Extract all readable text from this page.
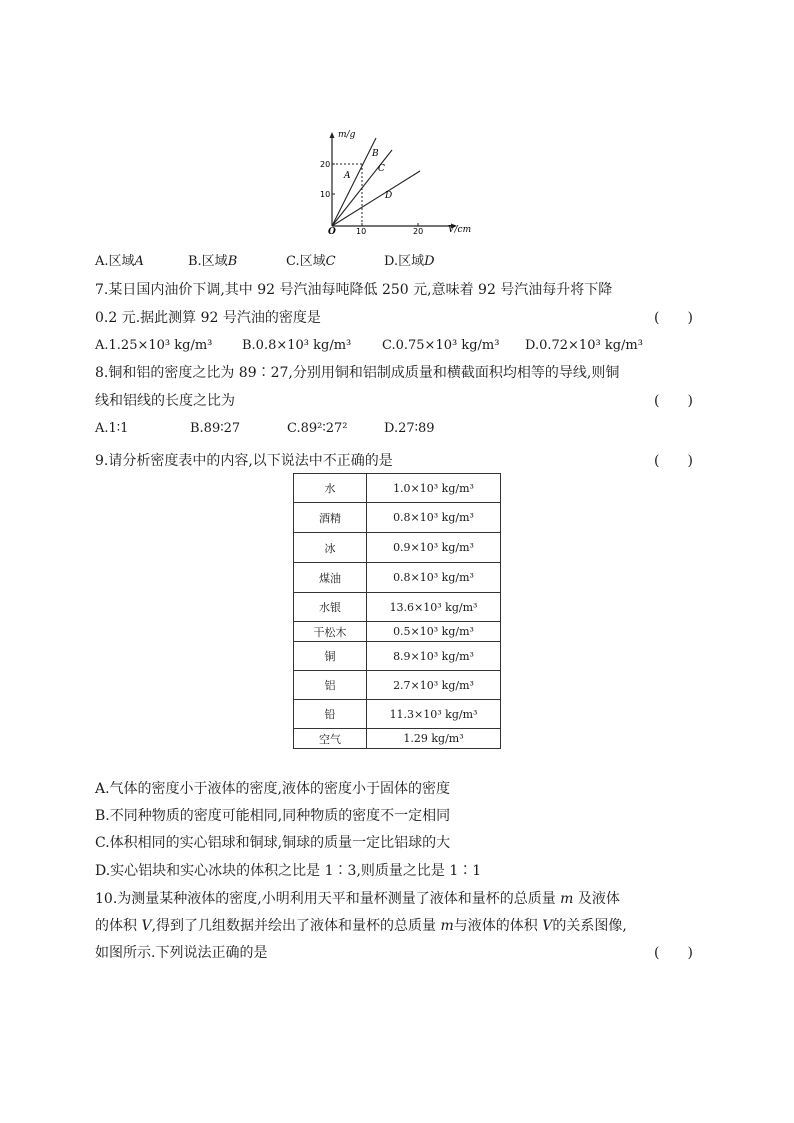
m/g
V/cm
O
10
20
10	20
A
B
C
D
A.区域A	B.区域B	C.区域C	D.区域D
7.某日国内油价下调,其中 92 号汽油每吨降低 250 元,意味着 92 号汽油每升将下降
0.2 元.据此测算 92 号汽油的密度是	(　　)
A.1.25×10³ kg/m³ B.0.8×10³ kg/m³ C.0.75×10³ kg/m³ D.0.72×10³ kg/m³
8.铜和铝的密度之比为 89∶27,分别用铜和铝制成质量和横截面积均相等的导线,则铜
线和铝线的长度之比为	(　　)
A.1∶1	B.89∶27	C.89²∶27²	D.27∶89
9.请分析密度表中的内容,以下说法中不正确的是	(　　)
水	1.0×10³ kg/m³
酒精	0.8×10³ kg/m³
冰	0.9×10³ kg/m³
煤油	0.8×10³ kg/m³
水银	13.6×10³ kg/m³
干松木	0.5×10³ kg/m³
铜	8.9×10³ kg/m³
铝	2.7×10³ kg/m³
铅	11.3×10³ kg/m³
空气	1.29 kg/m³
A.气体的密度小于液体的密度,液体的密度小于固体的密度
B.不同种物质的密度可能相同,同种物质的密度不一定相同
C.体积相同的实心铝球和铜球,铜球的质量一定比铝球的大
D.实心铝块和实心冰块的体积之比是 1∶3,则质量之比是 1∶1
10.为测量某种液体的密度,小明利用天平和量杯测量了液体和量杯的总质量 m 及液体
的体积 V,得到了几组数据并绘出了液体和量杯的总质量 m与液体的体积 V的关系图像,
如图所示.下列说法正确的是	(　　)
